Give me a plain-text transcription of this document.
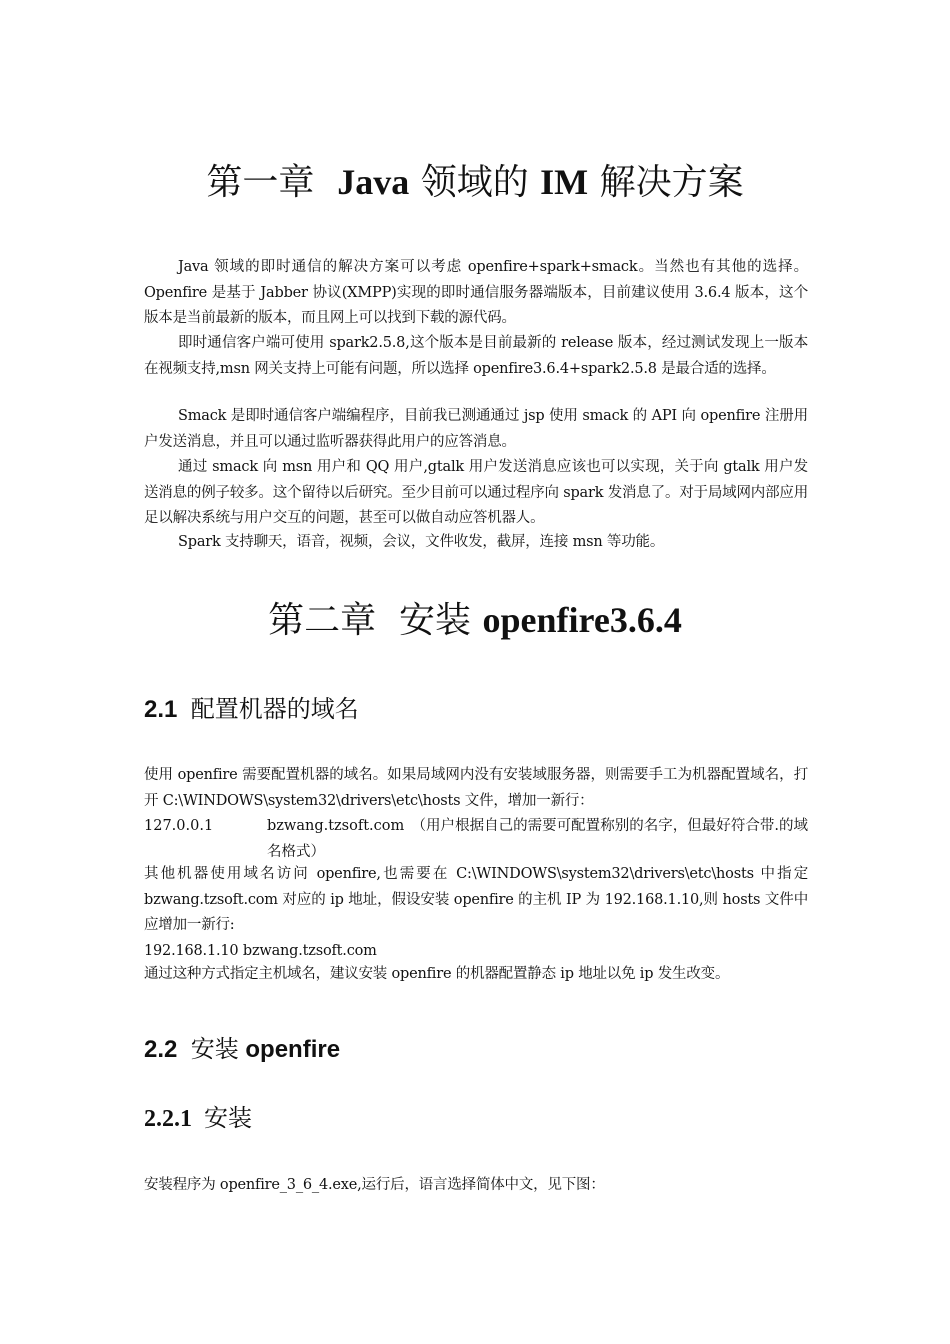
第一章 Java 领域的 IM 解决方案

Java 领域的即时通信的解决方案可以考虑 openfire+spark+smack。当然也有其他的选择。Openfire 是基于 Jabber 协议(XMPP)实现的即时通信服务器端版本，目前建议使用 3.6.4 版本，这个版本是当前最新的版本，而且网上可以找到下载的源代码。

即时通信客户端可使用 spark2.5.8,这个版本是目前最新的 release 版本，经过测试发现上一版本在视频支持,msn 网关支持上可能有问题，所以选择 openfire3.6.4+spark2.5.8 是最合适的选择。

Smack 是即时通信客户端编程序，目前我已测通通过 jsp 使用 smack 的 API 向 openfire 注册用户发送消息，并且可以通过监听器获得此用户的应答消息。

通过 smack 向 msn 用户和 QQ 用户,gtalk 用户发送消息应该也可以实现，关于向 gtalk 用户发送消息的例子较多。这个留待以后研究。至少目前可以通过程序向 spark 发消息了。对于局域网内部应用足以解决系统与用户交互的问题，甚至可以做自动应答机器人。

Spark 支持聊天，语音，视频，会议，文件收发，截屏，连接 msn 等功能。

第二章 安装 openfire3.6.4
2.1 配置机器的域名

使用 openfire 需要配置机器的域名。如果局域网内没有安装域服务器，则需要手工为机器配置域名，打开 C:\WINDOWS\system32\drivers\etc\hosts 文件，增加一新行：

127.0.0.1	bzwang.tzsoft.com　（用户根据自己的需要可配置称别的名字，但最好符合带.的域名格式）

其他机器使用域名访问 openfire,也需要在 C:\WINDOWS\system32\drivers\etc\hosts 中指定 bzwang.tzsoft.com 对应的 ip 地址，假设安装 openfire 的主机 IP 为 192.168.1.10,则 hosts 文件中应增加一新行:

192.168.1.10 bzwang.tzsoft.com

通过这种方式指定主机域名，建议安装 openfire 的机器配置静态 ip 地址以免 ip 发生改变。

2.2 安装 openfire
2.2.1 安装

安装程序为 openfire_3_6_4.exe,运行后，语言选择简体中文，见下图：
